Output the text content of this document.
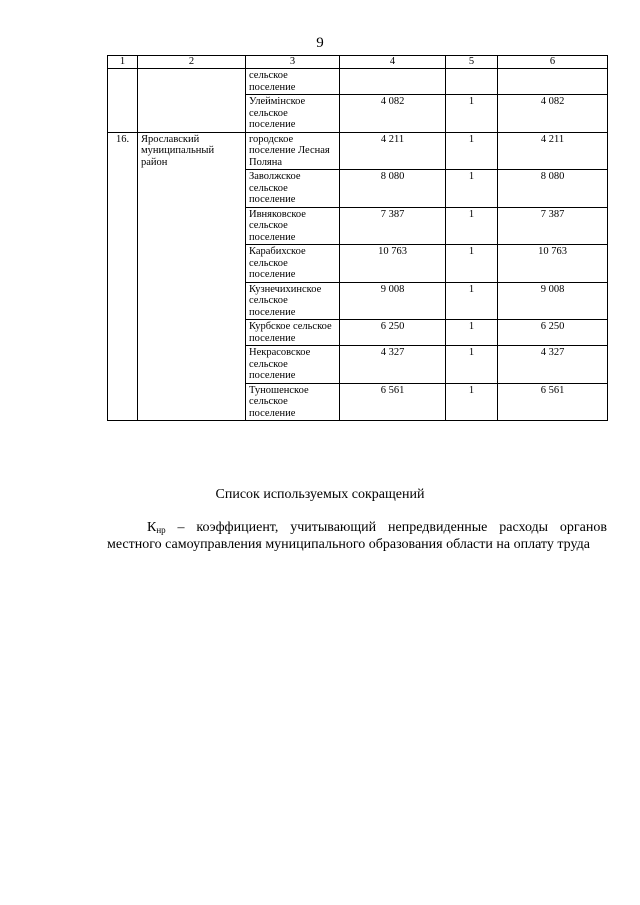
9
1	2	3	4	5	6
		сельское поселение			
		Улеймінское сельское поселение	4 082	1	4 082
16.	Ярославский муниципальный район	городское поселение Лесная Поляна	4 211	1	4 211
		Заволжское сельское поселение	8 080	1	8 080
		Ивняковское сельское поселение	7 387	1	7 387
		Карабихское сельское поселение	10 763	1	10 763
		Кузнечихинское сельское поселение	9 008	1	9 008
		Курбское сельское поселение	6 250	1	6 250
		Некрасовское сельское поселение	4 327	1	4 327
		Туношенское сельское поселение	6 561	1	6 561
Список используемых сокращений

$К_{нр}$ – коэффициент, учитывающий непредвиденные расходы органов местного самоуправления муниципального образования области на оплату труда
